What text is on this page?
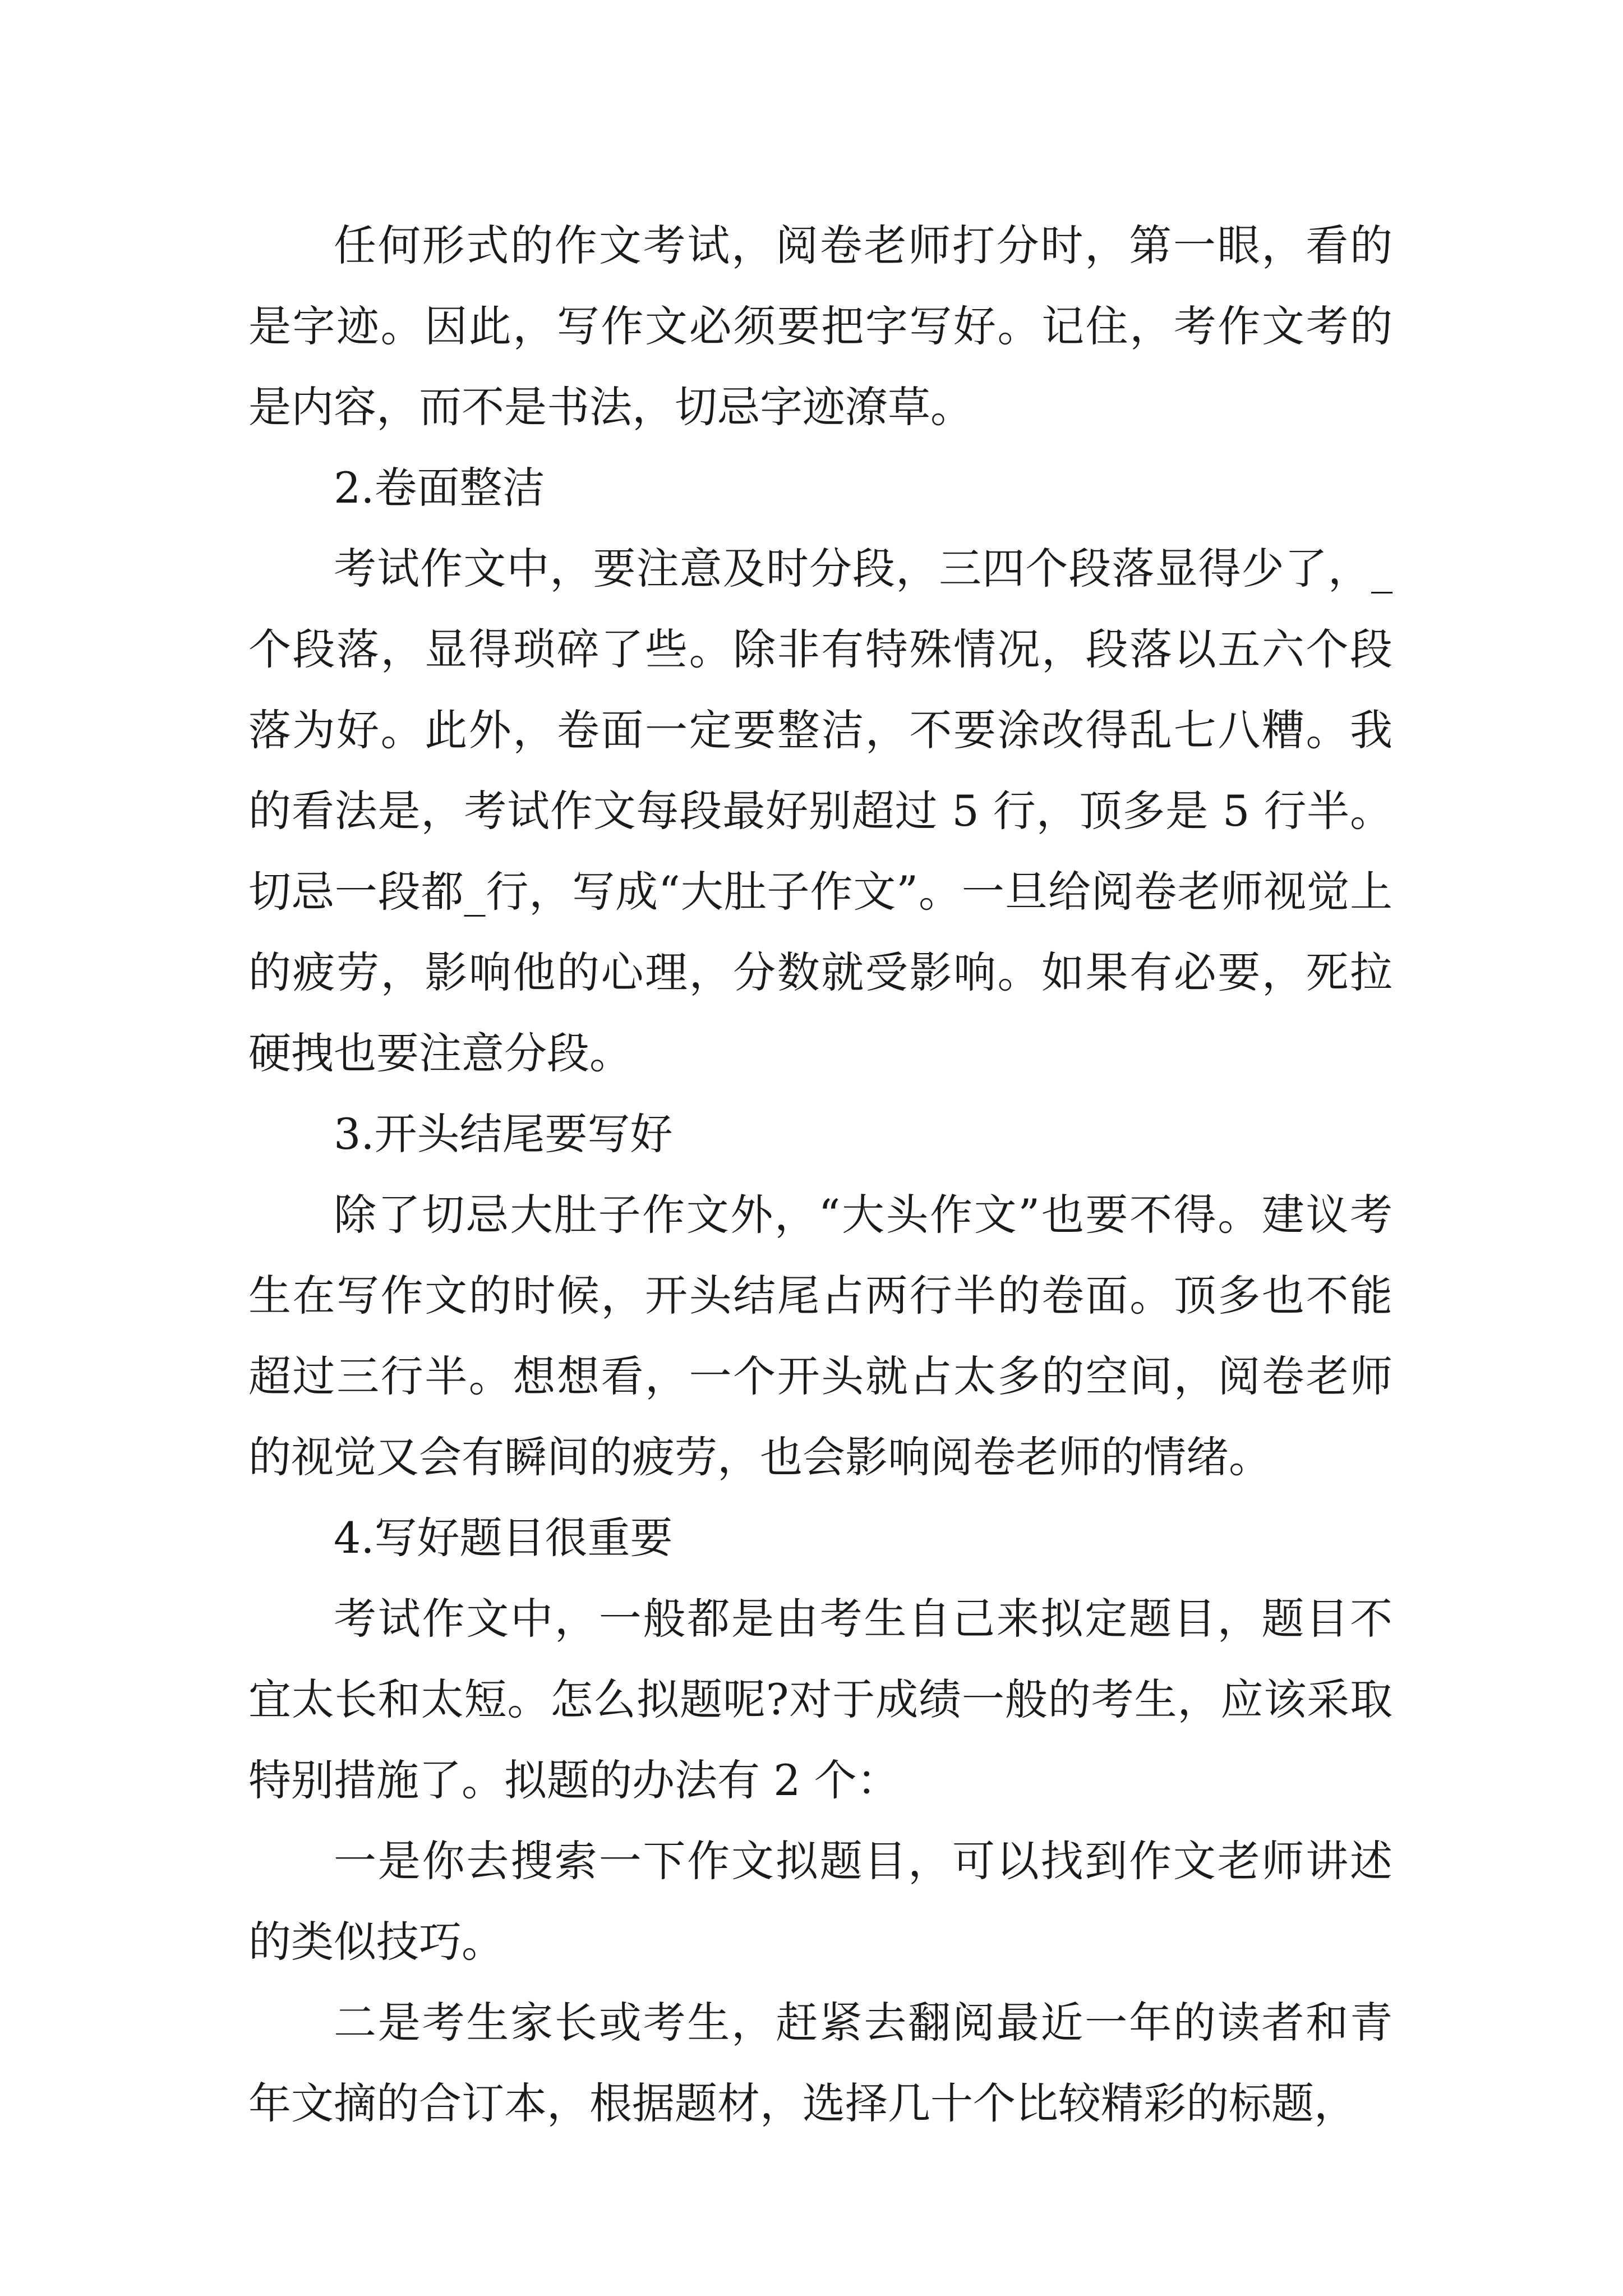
任何形式的作文考试，阅卷老师打分时，第一眼，看的是字迹。因此，写作文必须要把字写好。记住，考作文考的是内容，而不是书法，切忌字迹潦草。

2.卷面整洁

考试作文中，要注意及时分段，三四个段落显得少了，_个段落，显得琐碎了些。除非有特殊情况，段落以五六个段落为好。此外，卷面一定要整洁，不要涂改得乱七八糟。我的看法是，考试作文每段最好别超过 5 行，顶多是 5 行半。切忌一段都_行，写成“大肚子作文”。一旦给阅卷老师视觉上的疲劳，影响他的心理，分数就受影响。如果有必要，死拉硬拽也要注意分段。

3.开头结尾要写好

除了切忌大肚子作文外，“大头作文”也要不得。建议考生在写作文的时候，开头结尾占两行半的卷面。顶多也不能超过三行半。想想看，一个开头就占太多的空间，阅卷老师的视觉又会有瞬间的疲劳，也会影响阅卷老师的情绪。

4.写好题目很重要

考试作文中，一般都是由考生自己来拟定题目，题目不宜太长和太短。怎么拟题呢?对于成绩一般的考生，应该采取特别措施了。拟题的办法有 2 个：

一是你去搜索一下作文拟题目，可以找到作文老师讲述的类似技巧。

二是考生家长或考生，赶紧去翻阅最近一年的读者和青年文摘的合订本，根据题材，选择几十个比较精彩的标题，
